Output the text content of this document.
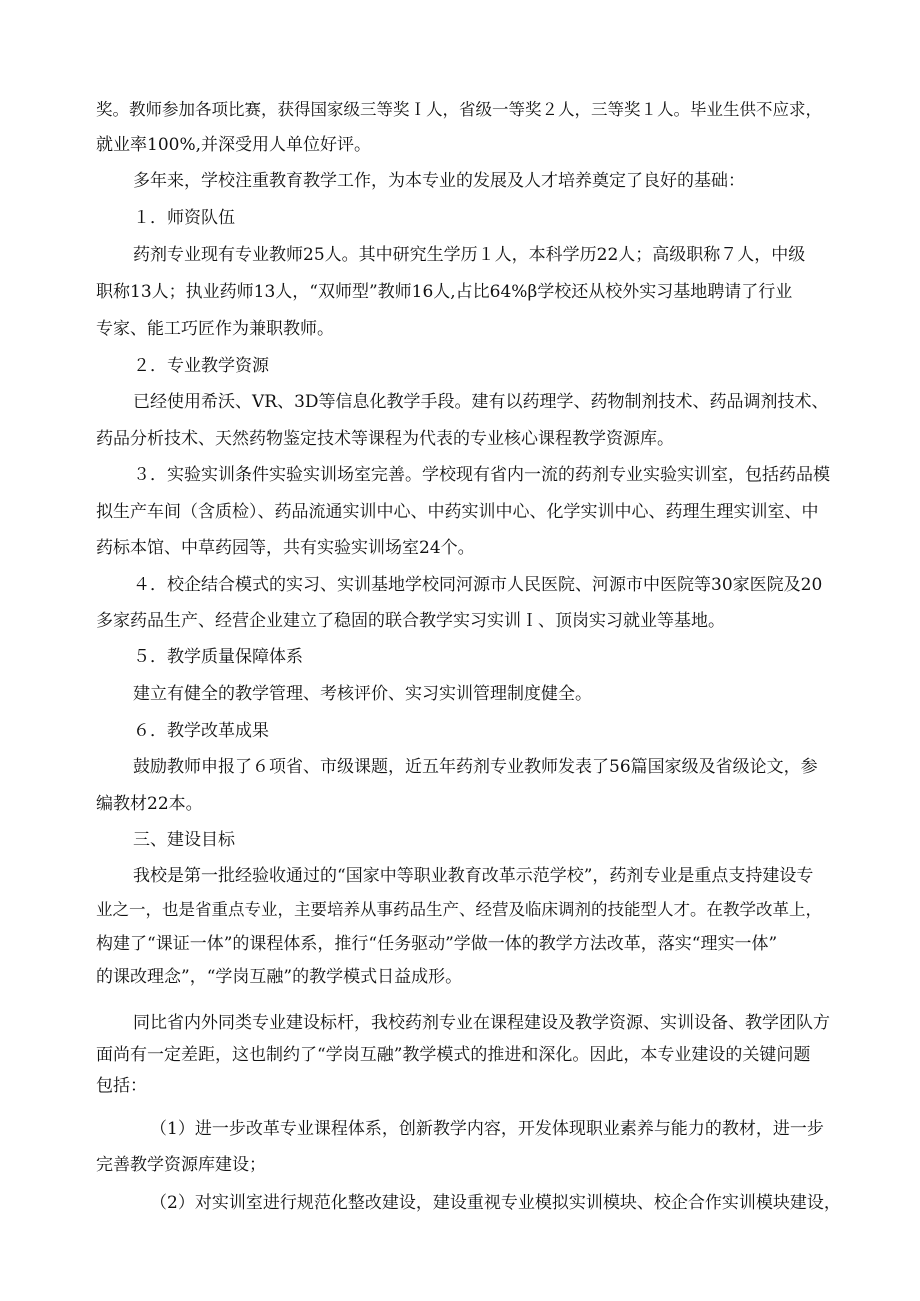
奖。教师参加各项比赛，获得国家级三等奖Ｉ人，省级一等奖２人，三等奖１人。毕业生供不应求，

就业率100%,并深受用人单位好评。

多年来，学校注重教育教学工作，为本专业的发展及人才培养奠定了良好的基础：

１．师资队伍

药剂专业现有专业教师25人。其中研究生学历１人，本科学历22人；高级职称７人，中级

职称13人；执业药师13人，“双师型”教师16人,占比64%β学校还从校外实习基地聘请了行业

专家、能工巧匠作为兼职教师。

２．专业教学资源

已经使用希沃、VR、3D等信息化教学手段。建有以药理学、药物制剂技术、药品调剂技术、

药品分析技术、天然药物鉴定技术等课程为代表的专业核心课程教学资源库。

３．实验实训条件实验实训场室完善。学校现有省内一流的药剂专业实验实训室，包括药品模

拟生产车间（含质检）、药品流通实训中心、中药实训中心、化学实训中心、药理生理实训室、中

药标本馆、中草药园等，共有实验实训场室24个。

４．校企结合模式的实习、实训基地学校同河源市人民医院、河源市中医院等30家医院及20

多家药品生产、经营企业建立了稳固的联合教学实习实训Ｉ、顶岗实习就业等基地。

５．教学质量保障体系

建立有健全的教学管理、考核评价、实习实训管理制度健全。

６．教学改革成果

鼓励教师申报了６项省、市级课题，近五年药剂专业教师发表了56篇国家级及省级论文，参

编教材22本。

三、建设目标

我校是第一批经验收通过的“国家中等职业教育改革示范学校”，药剂专业是重点支持建设专

业之一，也是省重点专业，主要培养从事药品生产、经营及临床调剂的技能型人才。在教学改革上，

构建了“课证一体”的课程体系，推行“任务驱动”学做一体的教学方法改革，落实“理实一体”

的课改理念”，“学岗互融”的教学模式日益成形。

同比省内外同类专业建设标杆，我校药剂专业在课程建设及教学资源、实训设备、教学团队方

面尚有一定差距，这也制约了“学岗互融”教学模式的推进和深化。因此，本专业建设的关键问题

包括：

（1）进一步改革专业课程体系，创新教学内容，开发体现职业素养与能力的教材，进一步

完善教学资源库建设；

（2）对实训室进行规范化整改建设，建设重视专业模拟实训模块、校企合作实训模块建设，
